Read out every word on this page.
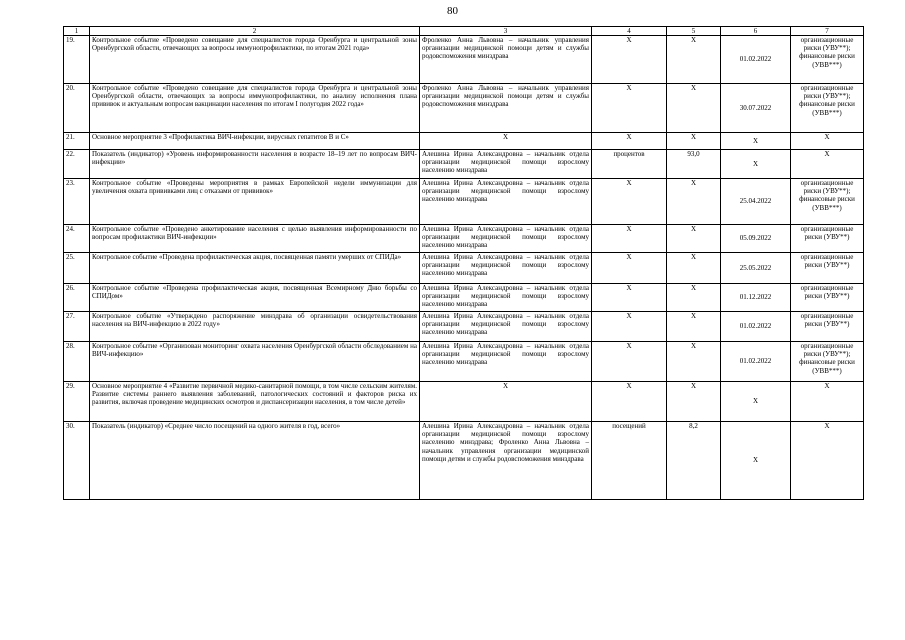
80
1	2	3	4	5	6	7
19.	Контрольное событие «Проведено совещание для специалистов города Оренбурга и центральной зоны Оренбургской области, отвечающих за вопросы иммунопрофилактики, по итогам 2021 года»	Фроленко Анна Львовна – начальник управления организации медицинской помощи детям и службы родовспоможения минздрава	X	X	01.02.2022	организационные риски (УВУ**); финансовые риски (УВВ***)
20.	Контрольное событие «Проведено совещание для специалистов города Оренбурга и центральной зоны Оренбургской области, отвечающих за вопросы иммунопрофилактики, по анализу исполнения плана прививок и актуальным вопросам вакцинации населения по итогам I полугодия 2022 года»	Фроленко Анна Львовна – начальник управления организации медицинской помощи детям и службы родовспоможения минздрава	X	X	30.07.2022	организационные риски (УВУ**); финансовые риски (УВВ***)
21.	Основное мероприятие 3 «Профилактика ВИЧ-инфекции, вирусных гепатитов В и С»	X	X	X	X	X
22.	Показатель (индикатор) «Уровень информированности населения в возрасте 18–19 лет по вопросам ВИЧ-инфекции»	Алешина Ирина Александровна – начальник отдела организации медицинской помощи взрослому населению минздрава	процентов	93,0	X	X
23.	Контрольное событие «Проведены мероприятия в рамках Европейской недели иммунизации для увеличения охвата прививками лиц с отказами от прививок»	Алешина Ирина Александровна – начальник отдела организации медицинской помощи взрослому населению минздрава	X	X	25.04.2022	организационные риски (УВУ**); финансовые риски (УВВ***)
24.	Контрольное событие «Проведено анкетирование населения с целью выявления информированности по вопросам профилактики ВИЧ-инфекции»	Алешина Ирина Александровна – начальник отдела организации медицинской помощи взрослому населению минздрава	X	X	05.09.2022	организационные риски (УВУ**)
25.	Контрольное событие «Проведена профилактическая акция, посвященная памяти умерших от СПИДа»	Алешина Ирина Александровна – начальник отдела организации медицинской помощи взрослому населению минздрава	X	X	25.05.2022	организационные риски (УВУ**)
26.	Контрольное событие «Проведена профилактическая акция, посвященная Всемирному Дню борьбы со СПИДом»	Алешина Ирина Александровна – начальник отдела организации медицинской помощи взрослому населению минздрава	X	X	01.12.2022	организационные риски (УВУ**)
27.	Контрольное событие «Утверждено распоряжение минздрава об организации освидетельствования населения на ВИЧ-инфекцию в 2022 году»	Алешина Ирина Александровна – начальник отдела организации медицинской помощи взрослому населению минздрава	X	X	01.02.2022	организационные риски (УВУ**)
28.	Контрольное событие «Организован мониторинг охвата населения Оренбургской области обследованием на ВИЧ-инфекцию»	Алешина Ирина Александровна – начальник отдела организации медицинской помощи взрослому населению минздрава	X	X	01.02.2022	организационные риски (УВУ**); финансовые риски (УВВ***)
29.	Основное мероприятие 4 «Развитие первичной медико-санитарной помощи, в том числе сельским жителям. Развитие системы раннего выявления заболеваний, патологических состояний и факторов риска их развития, включая проведение медицинских осмотров и диспансеризации населения, в том числе детей»	X	X	X	X	X
30.	Показатель (индикатор) «Среднее число посещений на одного жителя в год, всего»	Алешина Ирина Александровна – начальник отдела организации медицинской помощи взрослому населению минздрава; Фроленко Анна Львовна – начальник управления организации медицинской помощи детям и службы родовспоможения минздрава	посещений	8,2	X	X
